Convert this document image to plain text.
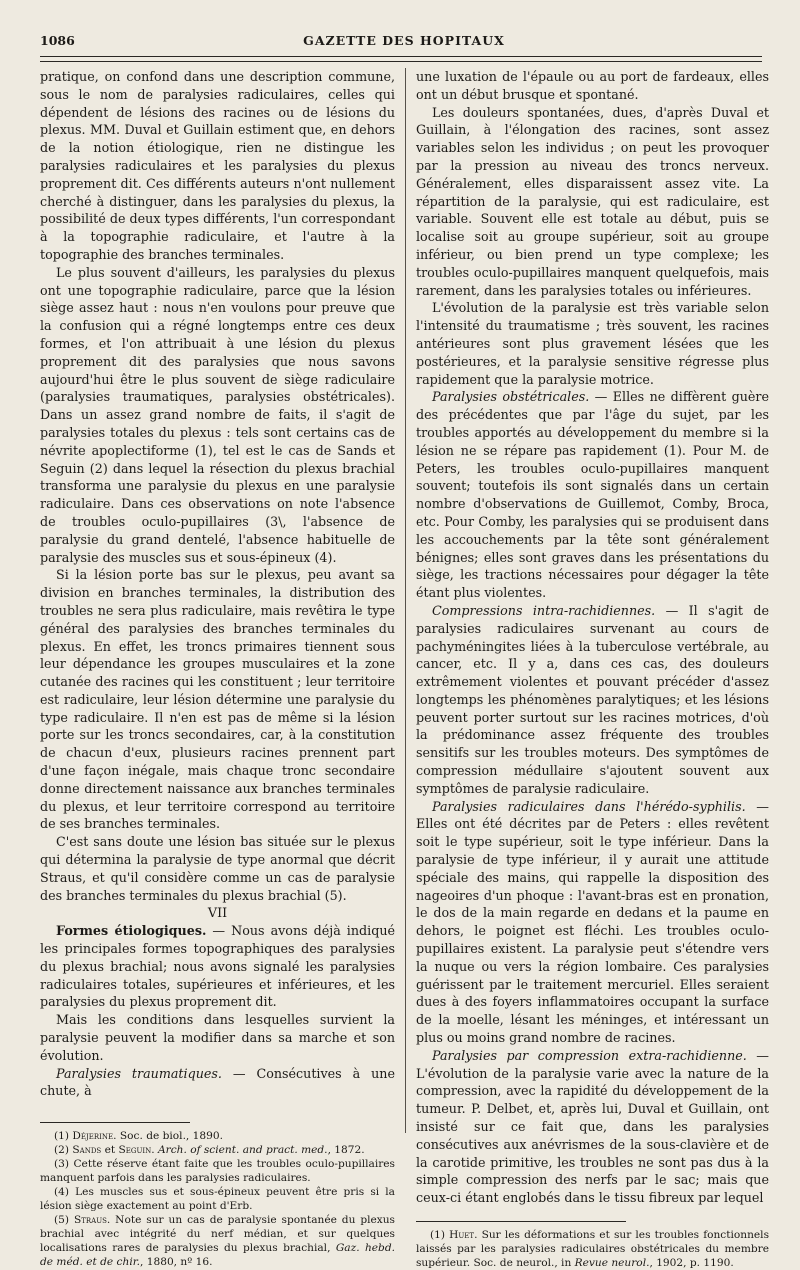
1086	GAZETTE DES HOPITAUX

pratique, on confond dans une description commune, sous le nom de paralysies radiculaires, celles qui dépendent de lésions des racines ou de lésions du plexus. MM. Duval et Guillain estiment que, en dehors de la notion étiologique, rien ne distingue les paralysies radiculaires et les paralysies du plexus proprement dit. Ces différents auteurs n'ont nullement cherché à distinguer, dans les paralysies du plexus, la possibilité de deux types différents, l'un correspondant à la topographie radiculaire, et l'autre à la topographie des branches terminales.

Le plus souvent d'ailleurs, les paralysies du plexus ont une topographie radiculaire, parce que la lésion siège assez haut : nous n'en voulons pour preuve que la confusion qui a régné longtemps entre ces deux formes, et l'on attribuait à une lésion du plexus proprement dit des paralysies que nous savons aujourd'hui être le plus souvent de siège radiculaire (paralysies traumatiques, paralysies obstétricales). Dans un assez grand nombre de faits, il s'agit de paralysies totales du plexus : tels sont certains cas de névrite apoplectiforme (1), tel est le cas de Sands et Seguin (2) dans lequel la résection du plexus brachial transforma une paralysie du plexus en une paralysie radiculaire. Dans ces observations on note l'absence de troubles oculo-pupillaires (3\, l'absence de paralysie du grand dentelé, l'absence habituelle de paralysie des muscles sus et sous-épineux (4).

Si la lésion porte bas sur le plexus, peu avant sa division en branches terminales, la distribution des troubles ne sera plus radiculaire, mais revêtira le type général des paralysies des branches terminales du plexus. En effet, les troncs primaires tiennent sous leur dépendance les groupes musculaires et la zone cutanée des racines qui les constituent ; leur territoire est radiculaire, leur lésion détermine une paralysie du type radiculaire. Il n'en est pas de même si la lésion porte sur les troncs secondaires, car, à la constitution de chacun d'eux, plusieurs racines prennent part d'une façon inégale, mais chaque tronc secondaire donne directement naissance aux branches terminales du plexus, et leur territoire correspond au territoire de ses branches terminales.

C'est sans doute une lésion bas située sur le plexus qui détermina la paralysie de type anormal que décrit Straus, et qu'il considère comme un cas de paralysie des branches terminales du plexus brachial (5).

VII

Formes étiologiques. — Nous avons déjà indiqué les principales formes topographiques des paralysies du plexus brachial; nous avons signalé les paralysies radiculaires totales, supérieures et inférieures, et les paralysies du plexus proprement dit.

Mais les conditions dans lesquelles survient la paralysie peuvent la modifier dans sa marche et son évolution.

Paralysies traumatiques. — Consécutives à une chute, à

(1) Déjerine. Soc. de biol., 1890.

(2) Sands et Seguin. Arch. of scient. and pract. med., 1872.

(3) Cette réserve étant faite que les troubles oculo-pupillaires manquent parfois dans les paralysies radiculaires.

(4) Les muscles sus et sous-épineux peuvent être pris si la lésion siège exactement au point d'Erb.

(5) Straus. Note sur un cas de paralysie spontanée du plexus brachial avec intégrité du nerf médian, et sur quelques localisations rares de paralysies du plexus brachial, Gaz. hebd. de méd. et de chir., 1880, nº 16.

une luxation de l'épaule ou au port de fardeaux, elles ont un début brusque et spontané.

Les douleurs spontanées, dues, d'après Duval et Guillain, à l'élongation des racines, sont assez variables selon les individus ; on peut les provoquer par la pression au niveau des troncs nerveux. Généralement, elles disparaissent assez vite. La répartition de la paralysie, qui est radiculaire, est variable. Souvent elle est totale au début, puis se localise soit au groupe supérieur, soit au groupe inférieur, ou bien prend un type complexe; les troubles oculo-pupillaires manquent quelquefois, mais rarement, dans les paralysies totales ou inférieures.

L'évolution de la paralysie est très variable selon l'intensité du traumatisme ; très souvent, les racines antérieures sont plus gravement lésées que les postérieures, et la paralysie sensitive régresse plus rapidement que la paralysie motrice.

Paralysies obstétricales. — Elles ne diffèrent guère des précédentes que par l'âge du sujet, par les troubles apportés au développement du membre si la lésion ne se répare pas rapidement (1). Pour M. de Peters, les troubles oculo-pupillaires manquent souvent; toutefois ils sont signalés dans un certain nombre d'observations de Guillemot, Comby, Broca, etc. Pour Comby, les paralysies qui se produisent dans les accouchements par la tête sont généralement bénignes; elles sont graves dans les présentations du siège, les tractions nécessaires pour dégager la tête étant plus violentes.

Compressions intra-rachidiennes. — Il s'agit de paralysies radiculaires survenant au cours de pachyméningites liées à la tuberculose vertébrale, au cancer, etc. Il y a, dans ces cas, des douleurs extrêmement violentes et pouvant précéder d'assez longtemps les phénomènes paralytiques; et les lésions peuvent porter surtout sur les racines motrices, d'où la prédominance assez fréquente des troubles sensitifs sur les troubles moteurs. Des symptômes de compression médullaire s'ajoutent souvent aux symptômes de paralysie radiculaire.

Paralysies radiculaires dans l'hérédo-syphilis. — Elles ont été décrites par de Peters : elles revêtent soit le type supérieur, soit le type inférieur. Dans la paralysie de type inférieur, il y aurait une attitude spéciale des mains, qui rappelle la disposition des nageoires d'un phoque : l'avant-bras est en pronation, le dos de la main regarde en dedans et la paume en dehors, le poignet est fléchi. Les troubles oculo-pupillaires existent. La paralysie peut s'étendre vers la nuque ou vers la région lombaire. Ces paralysies guérissent par le traitement mercuriel. Elles seraient dues à des foyers inflammatoires occupant la surface de la moelle, lésant les méninges, et intéressant un plus ou moins grand nombre de racines.

Paralysies par compression extra-rachidienne. — L'évolution de la paralysie varie avec la nature de la compression, avec la rapidité du développement de la tumeur. P. Delbet, et, après lui, Duval et Guillain, ont insisté sur ce fait que, dans les paralysies consécutives aux anévrismes de la sous-clavière et de la carotide primitive, les troubles ne sont pas dus à la simple compression des nerfs par le sac; mais que ceux-ci étant englobés dans le tissu fibreux par lequel

(1) Huet. Sur les déformations et sur les troubles fonctionnels laissés par les paralysies radiculaires obstétricales du membre supérieur. Soc. de neurol., in Revue neurol., 1902, p. 1190.
